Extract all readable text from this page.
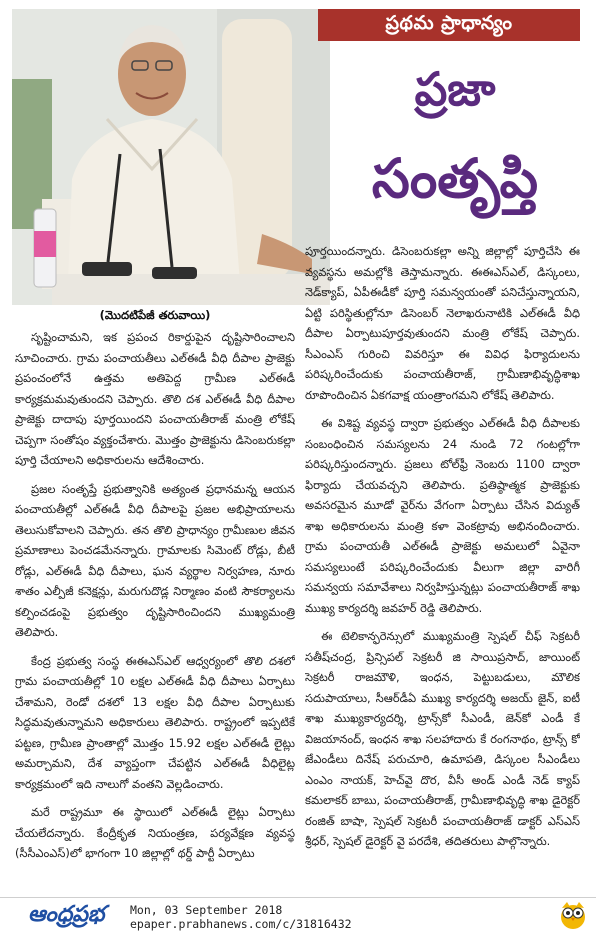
ప్రథమ ప్రాధాన్యం
ప్రజా
సంతృప్తి
(మొదటిపేజీ తరువాయి)

సృష్టించామని, ఇక ప్రపంచ రికార్డుపైన దృష్టిసారించాలని సూచించారు. గ్రామ పంచాయతీలు ఎల్‌ఈడీ వీధి దీపాల ప్రాజెక్టు ప్రపంచంలోనే ఉత్తమ అతిపెద్ద గ్రామీణ ఎల్‌ఈడీ కార్యక్రమమవుతుందని చెప్పారు. తొలి దశ ఎల్‌ఈడీ వీధి దీపాల ప్రాజెక్టు దాదాపు పూర్తయిందని పంచాయతీరాజ్ మంత్రి లోకేష్ చెప్పగా సంతోషం వ్యక్తంచేశారు. మొత్తం ప్రాజెక్టును డిసెంబరుకల్లా పూర్తి చేయాలని అధికారులను ఆదేశించారు.

ప్రజల సంతృప్తే ప్రభుత్వానికి అత్యంత ప్రధానమన్న ఆయన పంచాయతీల్లో ఎల్‌ఈడీ వీధి దీపాలపై ప్రజల అభిప్రాయాలను తెలుసుకోవాలని చెప్పారు. తన తొలి ప్రాధాన్యం గ్రామీణుల జీవన ప్రమాణాలు పెంచడమేనన్నారు. గ్రామాలకు సిమెంట్ రోడ్లు, బీటీ రోడ్లు, ఎల్‌ఈడీ వీధి దీపాలు, ఘన వ్యర్థాల నిర్వహణ, నూరు శాతం ఎల్పీజీ కనెక్షన్లు, మరుగుదొడ్ల నిర్మాణం వంటి సౌకర్యాలను కల్పించడంపై ప్రభుత్వం దృష్టిసారించిందని ముఖ్యమంత్రి తెలిపారు.

కేంద్ర ప్రభుత్వ సంస్థ ఈఈఎస్‌ఎల్ ఆధ్వర్యంలో తొలి దశలో గ్రామ పంచాయతీల్లో 10 లక్షల ఎల్‌ఈడీ వీధి దీపాలు ఏర్పాటు చేశామని, రెండో దశలో 13 లక్షల వీధి దీపాల ఏర్పాటుకు సిద్ధమవుతున్నామని అధికారులు తెలిపారు. రాష్ట్రంలో ఇప్పటికే పట్టణ, గ్రామీణ ప్రాంతాల్లో మొత్తం 15.92 లక్షల ఎల్‌ఈడీ లైట్లు అమర్చామని, దేశ వ్యాప్తంగా చేపట్టిన ఎల్‌ఈడీ వీధిలైట్ల కార్యక్రమంలో ఇది నాలుగో వంతని వెల్లడించారు.

మరే రాష్ట్రమూ ఈ స్థాయిలో ఎల్‌ఈడీ లైట్లు ఏర్పాటు చేయలేదన్నారు. కేంద్రీకృత నియంత్రణ, పర్యవేక్షణ వ్యవస్థ (సీసీఎంఎస్)లో భాగంగా 10 జిల్లాల్లో థర్డ్ పార్టీ ఏర్పాటు

పూర్తయిందన్నారు. డిసెంబరుకల్లా అన్ని జిల్లాల్లో పూర్తిచేసి ఈ వ్యవస్థను అమల్లోకి తెస్తామన్నారు. ఈఈఎస్‌ఎల్, డిస్కంలు, నెడ్‌క్యాప్, ఏపీఈడీకో పూర్తి సమన్వయంతో పనిచేస్తున్నాయని, ఏట్టి పరిస్థితుల్లోనూ డిసెంబర్ నెలాఖరునాటికి ఎల్‌ఈడీ వీధి దీపాల ఏర్పాటుపూర్తవుతుందని మంత్రి లోకేష్ చెప్పారు. సీఎంఎస్ గురించి వివరిస్తూ ఈ వివిధ ఫిర్యాదులను పరిష్కరించేందుకు పంచాయతీరాజ్, గ్రామీణాభివృద్ధిశాఖ రూపొందించిన ఏకగవాక్ష యంత్రాంగమని లోకేష్ తెలిపారు.

ఈ విశిష్ట వ్యవస్థ ద్వారా ప్రభుత్వం ఎల్‌ఈడీ వీధి దీపాలకు సంబంధించిన సమస్యలను 24 నుండి 72 గంటల్లోగా పరిష్కరిస్తుందన్నారు. ప్రజలు టోల్‌ఫ్రీ నెంబరు 1100 ద్వారా ఫిర్యాదు చేయవచ్చని తెలిపారు. ప్రతిష్ఠాత్మక ప్రాజెక్టుకు అవసరమైన మూడో వైర్‌ను వేగంగా ఏర్పాటు చేసిన విద్యుత్ శాఖ అధికారులను మంత్రి కళా వెంకట్రావు అభినందించారు. గ్రామ పంచాయతీ ఎల్‌ఈడీ ప్రాజెక్టు అమలులో ఏవైనా సమస్యలుంటే పరిష్కరించేందుకు వీలుగా జిల్లా వారిగీ సమన్వయ సమావేశాలు నిర్వహిస్తున్నట్లు పంచాయతీరాజ్ శాఖ ముఖ్య కార్యదర్శి జవహర్ రెడ్డి తెలిపారు.

ఈ టెలికాన్ఫరెన్సులో ముఖ్యమంత్రి స్పెషల్ చీఫ్ సెక్రటరీ సతీష్‌చంద్ర, ప్రిన్సిపల్ సెక్రటరీ జి సాయిప్రసాద్, జాయింట్ సెక్రటరీ రాజమౌళి, ఇంధన, పెట్టుబడులు, మౌలిక సదుపాయాలు, సీఆర్‌డీఏ ముఖ్య కార్యదర్శి అజయ్ జైన్, ఐటీ శాఖ ముఖ్యకార్యదర్శి, ట్రాన్స్‌కో సీఎండీ, జెన్‌కో ఎండీ కే విజయానంద్, ఇంధన శాఖ సలహాదారు కే రంగనాథం, ట్రాన్స్ కో జేఎండీలు దినేష్ పరుచూరి, ఉమాపతి, డిస్కంల సీఎండీలు ఎంఎం నాయక్, హెచ్‌వై దొర, వీసీ అండ్ ఎండీ నెడ్ క్యాప్ కమలాకర్ బాబు, పంచాయతీరాజ్, గ్రామీణాభివృద్ధి శాఖ డైరెక్టర్ రంజిత్ బాషా, స్పెషల్ సెక్రటరీ పంచాయతీరాజ్ డాక్టర్ ఎస్‌ఎస్ శ్రీధర్, స్పెషల్ డైరెక్టర్ వై పరదేశి, తదితరులు పాల్గొన్నారు.

ఆంధ్రప్రభ	Mon, 03 September 2018
epaper.prabhanews.com/c/31816432
